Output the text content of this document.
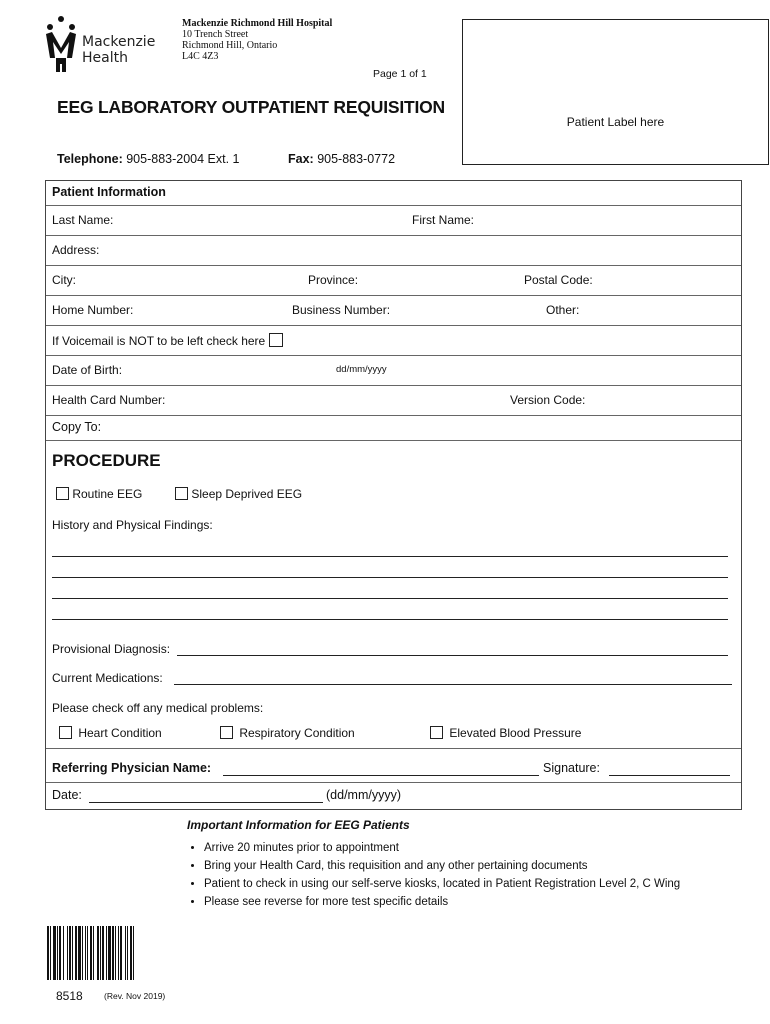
Mackenzie
Health
Mackenzie Richmond Hill Hospital
10 Trench Street
Richmond Hill, Ontario
L4C 4Z3
Page 1 of 1
EEG LABORATORY OUTPATIENT REQUISITION
Telephone: 905-883-2004 Ext. 1	Fax: 905-883-0772
Patient Label here
Patient Information
Last Name:	First Name:
Address:
City:	Province:	Postal Code:
Home Number:	Business Number:	Other:
If Voicemail is NOT to be left check here
Date of Birth:	dd/mm/yyyy
Health Card Number:	Version Code:
Copy To:
PROCEDURE
Routine EEG	Sleep Deprived EEG
History and Physical Findings:
Provisional Diagnosis:
Current Medications:
Please check off any medical problems:
Heart Condition	Respiratory Condition	Elevated Blood Pressure
Referring Physician Name:	Signature:
Date:	(dd/mm/yyyy)
Important Information for EEG Patients
• Arrive 20 minutes prior to appointment
• Bring your Health Card, this requisition and any other pertaining documents
• Patient to check in using our self-serve kiosks, located in Patient Registration Level 2, C Wing
• Please see reverse for more test specific details
8518	(Rev. Nov 2019)
